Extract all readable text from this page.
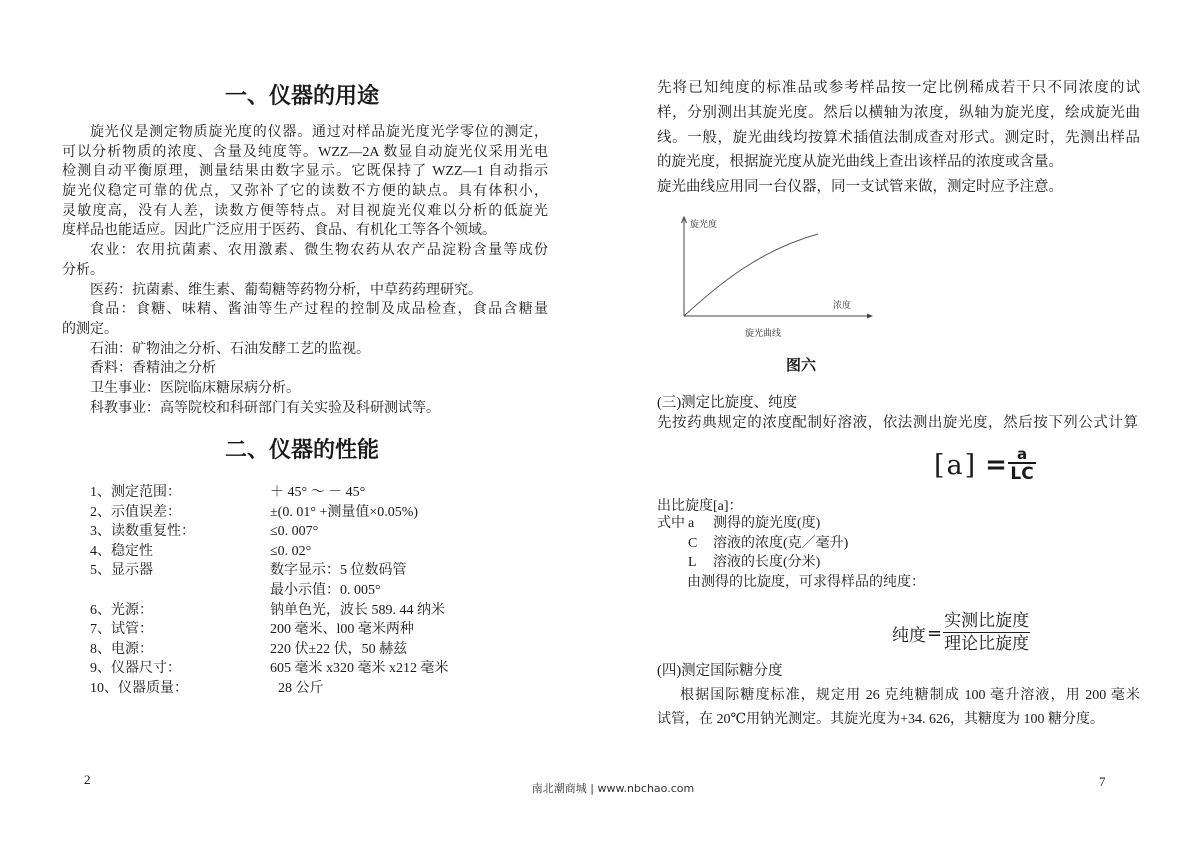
一、仪器的用途
旋光仪是测定物质旋光度的仪器。通过对样品旋光度光学零位的测定，
可以分析物质的浓度、含量及纯度等。WZZ—2A 数显自动旋光仪采用光电
检测自动平衡原理，测量结果由数字显示。它既保持了 WZZ—1 自动指示
旋光仪稳定可靠的优点，又弥补了它的读数不方便的缺点。具有体积小，
灵敏度高，没有人差，读数方便等特点。对目视旋光仪难以分析的低旋光
度样品也能适应。因此广泛应用于医药、食品、有机化工等各个领域。
农业：农用抗菌素、农用激素、微生物农药从农产品淀粉含量等成份
分析。
医药：抗菌素、维生素、葡萄糖等药物分析，中草药药理研究。
食品：食糖、味精、酱油等生产过程的控制及成品检查，食品含糖量
的测定。
石油：矿物油之分析、石油发酵工艺的监视。
香料：香精油之分析
卫生事业：医院临床糖尿病分析。
科教事业：高等院校和科研部门有关实验及科研测试等。
二、仪器的性能
1、测定范围：	＋ 45° ～ － 45°
2、示值误差：	±(0. 01° +测量值×0.05%)
3、读数重复性：	≤0. 007°
4、稳定性	≤0. 02°
5、显示器	数字显示：5 位数码管
最小示值：0. 005°
6、光源：	钠单色光，波长 589. 44 纳米
7、试管：	200 毫米、l00 毫米两种
8、电源：	220 伏±22 伏，50 赫兹
9、仪器尺寸：	605 毫米 x320 毫米 x212 毫米
10、仪器质量：	28 公斤
2
先将已知纯度的标准品或参考样品按一定比例稀成若干只不同浓度的试
样，分别测出其旋光度。然后以横轴为浓度，纵轴为旋光度，绘成旋光曲
线。一般，旋光曲线均按算术插值法制成查对形式。测定时，先测出样品
的旋光度，根据旋光度从旋光曲线上查出该样品的浓度或含量。
旋光曲线应用同一台仪器，同一支试管来做，测定时应予注意。
旋光度
浓度
旋光曲线
图六
(三)测定比旋度、纯度
先按药典规定的浓度配制好溶液，依法测出旋光度，然后按下列公式计算
$[a] = \frac{a}{LC}$
出比旋度[a]：
式中 a	测得的旋光度(度)
C	溶液的浓度(克／毫升)
L	溶液的长度(分米)
由测得的比旋度，可求得样品的纯度：
纯度 = $\frac{\text{实测比旋度}}{\text{理论比旋度}}$
(四)测定国际糖分度
根据国际糖度标准，规定用 26 克纯糖制成 100 毫升溶液，用 200 毫米
试管，在 20℃用钠光测定。其旋光度为+34. 626，其糖度为 100 糖分度。
7
南北潮商城 | www.nbchao.com
